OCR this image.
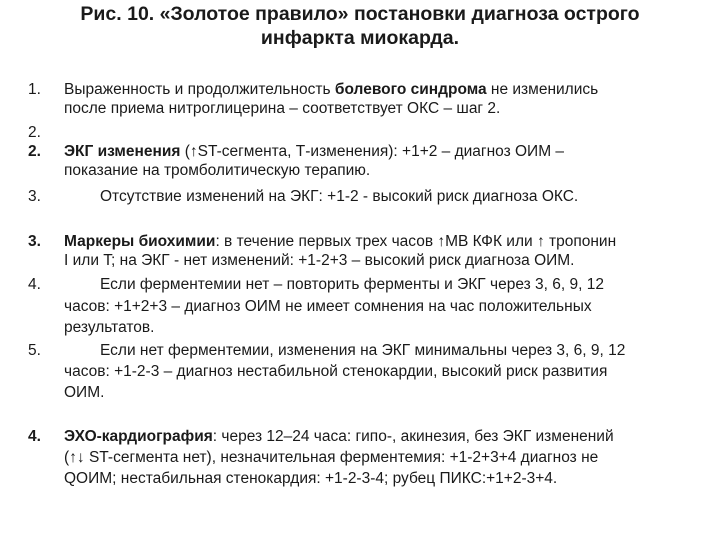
Рис. 10. «Золотое правило» постановки диагноза острого
инфаркта миокарда.
1.
2.
2.
3.
3.
4.
5.
4.
Выраженность и продолжительность болевого синдрома не изменились
после приема нитроглицерина – соответствует ОКС – шаг 2.
ЭКГ изменения (↑ST-сегмента, Т-изменения): +1+2 – диагноз ОИМ –
показание на тромболитическую терапию.
Отсутствие изменений на ЭКГ: +1-2 - высокий риск диагноза ОКС.
Маркеры биохимии: в течение первых трех часов ↑МВ КФК или ↑ тропонин
I или T; на ЭКГ - нет изменений: +1-2+3 – высокий риск диагноза ОИМ.
Если ферментемии нет – повторить ферменты и ЭКГ через 3, 6, 9, 12
часов: +1+2+3 – диагноз ОИМ не имеет сомнения на час положительных
результатов.
Если нет ферментемии, изменения на ЭКГ минимальны через 3, 6, 9, 12
часов: +1-2-3 – диагноз нестабильной стенокардии, высокий риск развития
ОИМ.
ЭХО-кардиография: через 12–24 часа: гипо-, акинезия, без ЭКГ изменений
(↑↓ ST-сегмента нет), незначительная ферментемия: +1-2+3+4 диагноз не
QОИМ; нестабильная стенокардия: +1-2-3-4; рубец ПИКС:+1+2-3+4.
